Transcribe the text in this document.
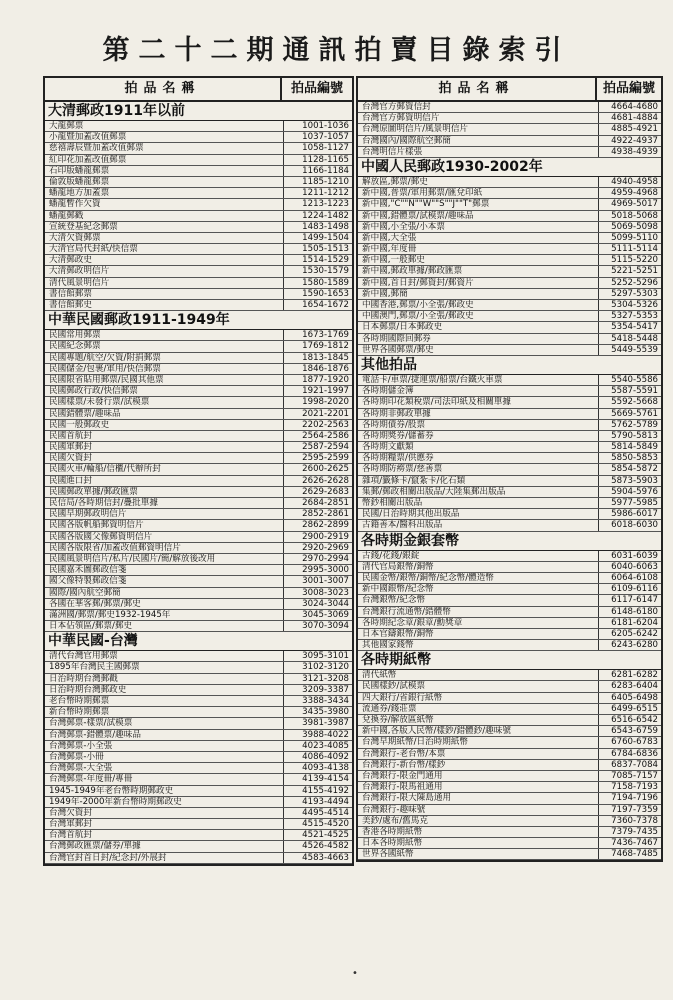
第二十二期通訊拍賣目錄索引
拍品名稱	拍品編號
大清郵政1911年以前
大龍郵票	1001-1036
小龍暨加蓋改值郵票	1037-1057
慈禧壽辰暨加蓋改值郵票	1058-1127
紅印花加蓋改值郵票	1128-1165
石印版蟠龍郵票	1166-1184
倫敦版蟠龍郵票	1185-1210
蟠龍地方加蓋票	1211-1212
蟠龍暫作欠資	1213-1223
蟠龍郵戳	1224-1482
宣統登基紀念郵票	1483-1498
大清欠資郵票	1499-1504
大清官局代封紙/快信票	1505-1513
大清郵政史	1514-1529
大清郵政明信片	1530-1579
清代風景明信片	1580-1589
書信館郵票	1590-1653
書信館郵史	1654-1672
中華民國郵政1911-1949年
民國常用郵票	1673-1769
民國紀念郵票	1769-1812
民國專題/航空/欠資/附捐郵票	1813-1845
民國儲金/包裹/軍用/快信郵票	1846-1876
民國限省貼用郵票/民國其他票	1877-1920
民國郵政行政/快信郵票	1921-1997
民國樣票/未發行票/試模票	1998-2020
民國錯體票/趣味品	2021-2201
民國一般郵政史	2202-2563
民國首航封	2564-2586
民國軍郵封	2587-2594
民國欠資封	2595-2599
民國火車/輪船/信櫃/代辦所封	2600-2625
民國進口封	2626-2628
民國郵政單據/郵政匯票	2629-2683
民信局/各時期信封/疊批單據	2684-2851
民國早期郵政明信片	2852-2861
民國各版帆船郵資明信片	2862-2899
民國各版國父像郵資明信片	2900-2919
民國各版限省/加蓋改值郵資明信片	2920-2969
民國風景明信片/私片/民國片/簡/解放後改用	2970-2994
民國嘉禾圖郵政信箋	2995-3000
國父像特製郵政信箋	3001-3007
國際/國內航空郵簡	3008-3023
各國在華客郵/郵票/郵史	3024-3044
滿洲國/郵票/郵史1932-1945年	3045-3069
日本佔領區/郵票/郵史	3070-3094
中華民國-台灣
清代台灣官用郵票	3095-3101
1895年台灣民主國郵票	3102-3120
日治時期台灣郵戳	3121-3208
日治時期台灣郵政史	3209-3387
老台幣時期郵票	3388-3434
新台幣時期郵票	3435-3980
台灣郵票-樣票/試模票	3981-3987
台灣郵票-錯體票/趣味品	3988-4022
台灣郵票-小全張	4023-4085
台灣郵票-小冊	4086-4092
台灣郵票-大全張	4093-4138
台灣郵票-年度冊/專冊	4139-4154
1945-1949年老台幣時期郵政史	4155-4192
1949年-2000年新台幣時期郵政史	4193-4494
台灣欠資封	4495-4514
台灣軍郵封	4515-4520
台灣首航封	4521-4525
台灣郵政匯票/儲券/單據	4526-4582
台灣官封首日封/紀念封/外展封	4583-4663
拍品名稱	拍品編號
台灣官方郵資信封	4664-4680
台灣官方郵資明信片	4681-4884
台灣原圖明信片/風景明信片	4885-4921
台灣國內/國際航空郵簡	4922-4937
台灣明信片樣張	4938-4939
中國人民郵政1930-2002年
解放區,郵票/郵史	4940-4958
新中國,普票/軍用郵票/匯兌印紙	4959-4968
新中國,"C""N""W""S""J""T"郵票	4969-5017
新中國,錯體票/試模票/趣味品	5018-5068
新中國,小全張/小本票	5069-5098
新中國,大全張	5099-5110
新中國,年度冊	5111-5114
新中國,一般郵史	5115-5220
新中國,郵政單據/郵政匯票	5221-5251
新中國,首日封/郵資封/郵資片	5252-5296
新中國,郵簡	5297-5303
中國香港,郵票/小全張/郵政史	5304-5326
中國澳門,郵票/小全張/郵政史	5327-5353
日本郵票/日本郵政史	5354-5417
各時期國際回郵券	5418-5448
世界各國郵票/郵史	5449-5539
其他拍品
電話卡/車票/捷運票/船票/台鐵火車票	5540-5586
各時期儲金簿	5587-5591
各時期印花類稅票/司法印紙及相關單據	5592-5668
各時期非郵政單據	5669-5761
各時期債券/股票	5762-5789
各時期獎券/儲蓄券	5790-5813
各時期文獻類	5814-5849
各時期糧票/供應券	5850-5853
各時期防癆票/慈善票	5854-5872
雜項/籤條卡/竄紮卡/化石類	5873-5903
集郵/郵政相關出版品/大陸集郵出版品	5904-5976
幣鈔相關出版品	5977-5985
民國/日治時期其他出版品	5986-6017
古籍善本/醫科出版品	6018-6030
各時期金銀套幣
古錢/花錢/銀錠	6031-6039
清代官局銀幣/銅幣	6040-6063
民國金幣/銀幣/銅幣/紀念幣/體造幣	6064-6108
新中國銀幣/紀念幣	6109-6116
台灣銀幣/紀念幣	6117-6147
台灣銀行流通幣/錯體幣	6148-6180
各時期紀念章/銀章/勳獎章	6181-6204
日本官鑄銀幣/銅幣	6205-6242
其他國家錢幣	6243-6280
各時期紙幣
清代紙幣	6281-6282
民國樣鈔/試模票	6283-6404
四大銀行/省銀行紙幣	6405-6498
流通券/錢莊票	6499-6515
兌換券/解放區紙幣	6516-6542
新中國,各版人民幣/樣鈔/錯體鈔/趣味號	6543-6759
台灣早期紙幣/日治時期紙幣	6760-6783
台灣銀行-老台幣/本票	6784-6836
台灣銀行-新台幣/樣鈔	6837-7084
台灣銀行-限金門通用	7085-7157
台灣銀行-限馬祖通用	7158-7193
台灣銀行-限大陳島通用	7194-7196
台灣銀行-趣味號	7197-7359
美鈔/處布/舊馬克	7360-7378
香港各時期紙幣	7379-7435
日本各時期紙幣	7436-7467
世界各國紙幣	7468-7485
•
